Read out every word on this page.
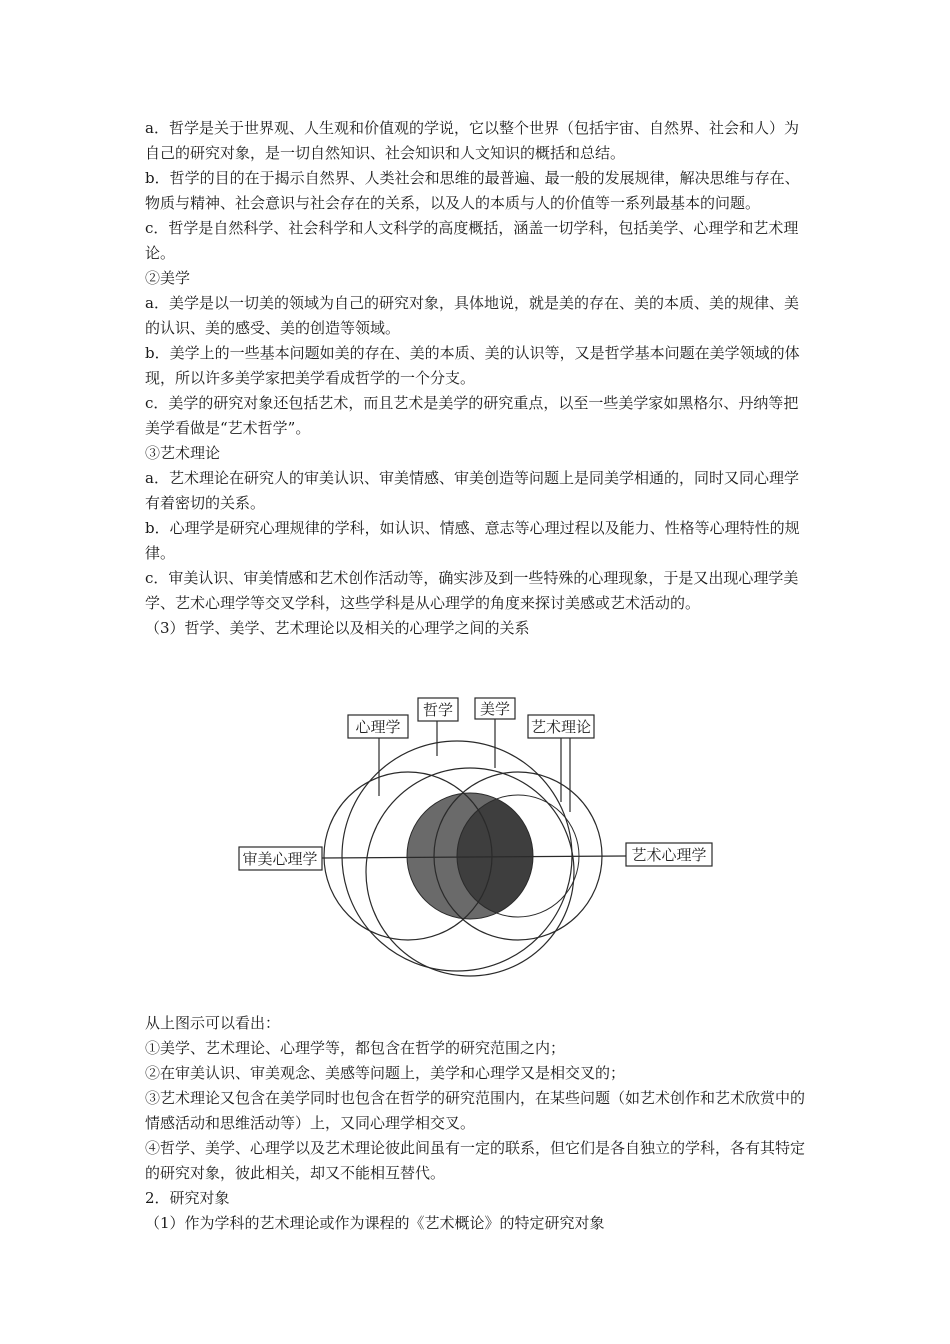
a．哲学是关于世界观、人生观和价值观的学说，它以整个世界（包括宇宙、自然界、社会和人）为自己的研究对象，是一切自然知识、社会知识和人文知识的概括和总结。

b．哲学的目的在于揭示自然界、人类社会和思维的最普遍、最一般的发展规律，解决思维与存在、物质与精神、社会意识与社会存在的关系，以及人的本质与人的价值等一系列最基本的问题。

c．哲学是自然科学、社会科学和人文科学的高度概括，涵盖一切学科，包括美学、心理学和艺术理论。

②美学

a．美学是以一切美的领域为自己的研究对象，具体地说，就是美的存在、美的本质、美的规律、美的认识、美的感受、美的创造等领域。

b．美学上的一些基本问题如美的存在、美的本质、美的认识等，又是哲学基本问题在美学领域的体现，所以许多美学家把美学看成哲学的一个分支。

c．美学的研究对象还包括艺术，而且艺术是美学的研究重点，以至一些美学家如黑格尔、丹纳等把美学看做是“艺术哲学”。

③艺术理论

a．艺术理论在研究人的审美认识、审美情感、审美创造等问题上是同美学相通的，同时又同心理学有着密切的关系。

b．心理学是研究心理规律的学科，如认识、情感、意志等心理过程以及能力、性格等心理特性的规律。

c．审美认识、审美情感和艺术创作活动等，确实涉及到一些特殊的心理现象，于是又出现心理学美学、艺术心理学等交叉学科，这些学科是从心理学的角度来探讨美感或艺术活动的。

（3）哲学、美学、艺术理论以及相关的心理学之间的关系

心理学
哲学 美学
艺术理论
审美心理学	艺术心理学

从上图示可以看出：

①美学、艺术理论、心理学等，都包含在哲学的研究范围之内；

②在审美认识、审美观念、美感等问题上，美学和心理学又是相交叉的；

③艺术理论又包含在美学同时也包含在哲学的研究范围内，在某些问题（如艺术创作和艺术欣赏中的情感活动和思维活动等）上，又同心理学相交叉。

④哲学、美学、心理学以及艺术理论彼此间虽有一定的联系，但它们是各自独立的学科，各有其特定的研究对象，彼此相关，却又不能相互替代。

2．研究对象

（1）作为学科的艺术理论或作为课程的《艺术概论》的特定研究对象
